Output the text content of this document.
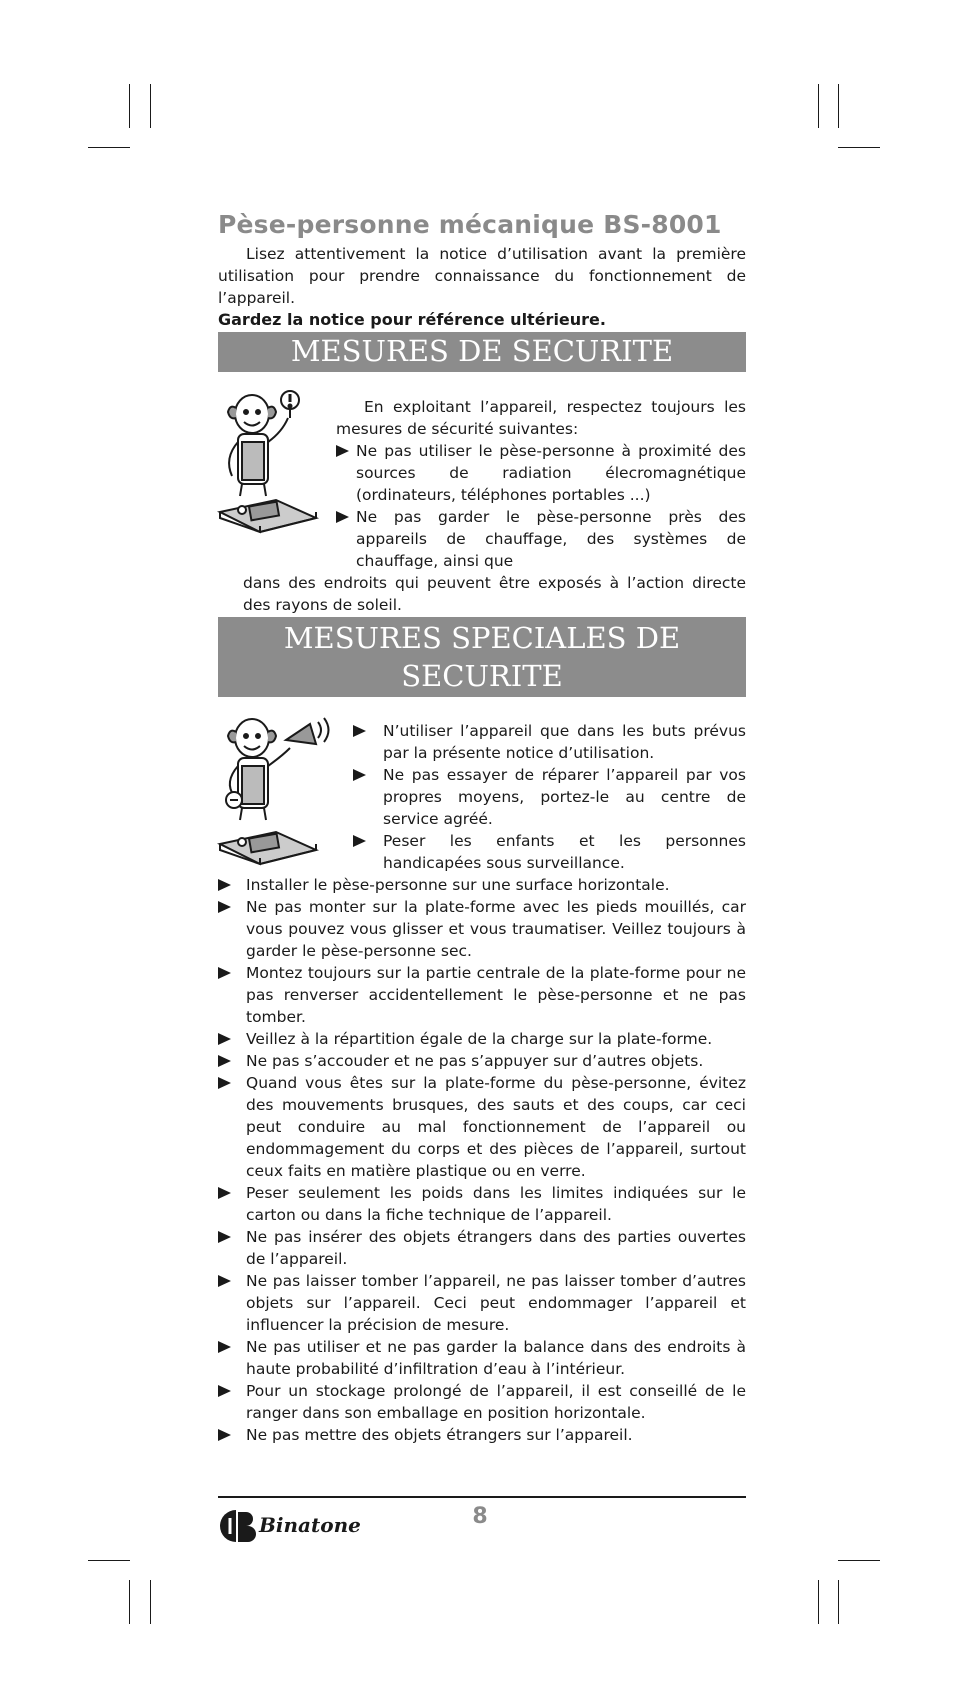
Pèse-personne mécanique BS-8001

Lisez attentivement la notice d’utilisation avant la première utilisation pour prendre connaissance du fonctionnement de l’appareil.

Gardez la notice pour référence ultérieure.

MESURES DE SECURITE

En exploitant l’appareil, respectez toujours les mesures de sécurité suivantes:

Ne pas utiliser le pèse-personne à proximité des sources de radiation élecromagnétique (ordinateurs, téléphones portables ...)
Ne pas garder le pèse-personne près des appareils de chauffage, des systèmes de chauffage, ainsi que

dans des endroits qui peuvent être exposés à l’action directe des rayons de soleil.

MESURES SPECIALES DE
SECURITE
N’utiliser l’appareil que dans les buts prévus par la présente notice d’utilisation.
Ne pas essayer de réparer l’appareil par vos propres moyens, portez-le au centre de service agréé.
Peser les enfants et les personnes handicapées sous surveillance.
Installer le pèse-personne sur une surface horizontale.
Ne pas monter sur la plate-forme avec les pieds mouillés, car vous pouvez vous glisser et vous traumatiser. Veillez toujours à garder le pèse-personne sec.
Montez toujours sur la partie centrale de la plate-forme pour ne pas renverser accidentellement le pèse-personne et ne pas tomber.
Veillez à la répartition égale de la charge sur la plate-forme.
Ne pas s’accouder et ne pas s’appuyer sur d’autres objets.
Quand vous êtes sur la plate-forme du pèse-personne, évitez des mouvements brusques, des sauts et des coups, car ceci peut conduire au mal fonctionnement de l’appareil ou endommagement du corps et des pièces de l’appareil, surtout ceux faits en matière plastique ou en verre.
Peser seulement les poids dans les limites indiquées sur le carton ou dans la fiche technique de l’appareil.
Ne pas insérer des objets étrangers dans des parties ouvertes de l’appareil.
Ne pas laisser tomber l’appareil, ne pas laisser tomber d’autres objets sur l’appareil. Ceci peut endommager l’appareil et influencer la précision de mesure.
Ne pas utiliser et ne pas garder la balance dans des endroits à haute probabilité d’infiltration d’eau à l’intérieur.
Pour un stockage prolongé de l’appareil, il est conseillé de le ranger dans son emballage en position horizontale.
Ne pas mettre des objets étrangers sur l’appareil.
Binatone	8
